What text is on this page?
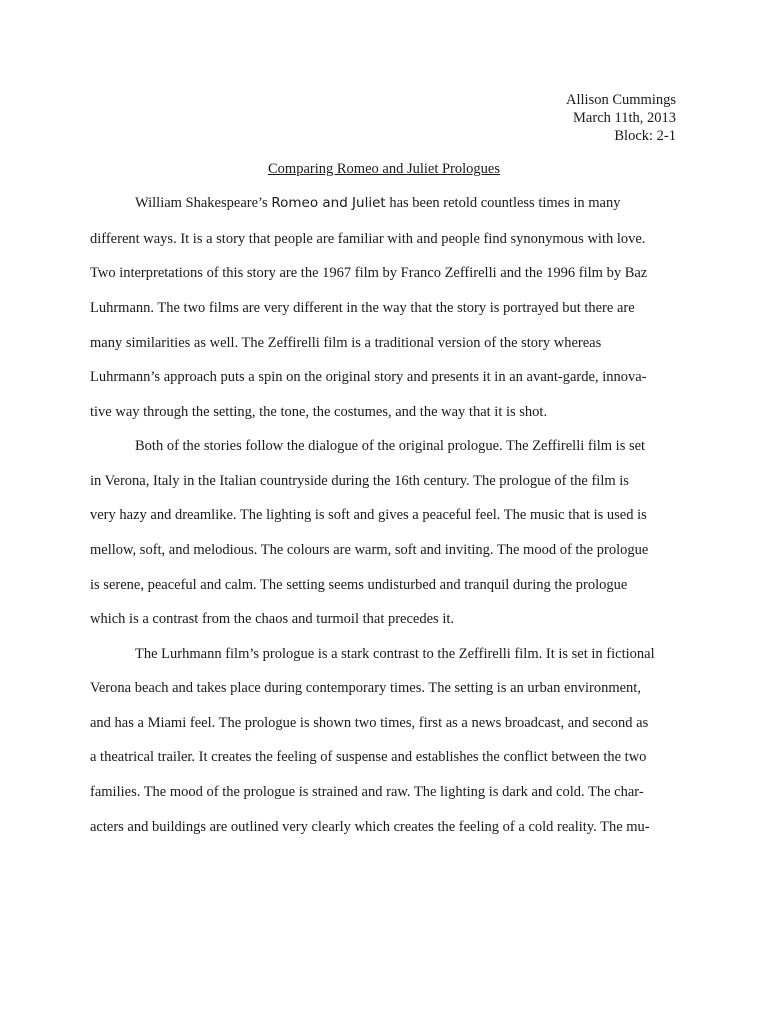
Allison Cummings
March 11th, 2013
Block: 2-1
Comparing Romeo and Juliet Prologues
William Shakespeare’s Romeo and Juliet has been retold countless times in many
different ways. It is a story that people are familiar with and people find synonymous with love.
Two interpretations of this story are the 1967 film by Franco Zeffirelli and the 1996 film by Baz
Luhrmann. The two films are very different in the way that the story is portrayed but there are
many similarities as well. The Zeffirelli film is a traditional version of the story whereas
Luhrmann’s approach puts a spin on the original story and presents it in an avant-garde, innova-
tive way through the setting, the tone, the costumes, and the way that it is shot.
Both of the stories follow the dialogue of the original prologue. The Zeffirelli film is set
in Verona, Italy in the Italian countryside during the 16th century. The prologue of the film is
very hazy and dreamlike. The lighting is soft and gives a peaceful feel. The music that is used is
mellow, soft, and melodious. The colours are warm, soft and inviting. The mood of the prologue
is serene, peaceful and calm. The setting seems undisturbed and tranquil during the prologue
which is a contrast from the chaos and turmoil that precedes it.
The Lurhmann film’s prologue is a stark contrast to the Zeffirelli film. It is set in fictional
Verona beach and takes place during contemporary times. The setting is an urban environment,
and has a Miami feel. The prologue is shown two times, first as a news broadcast, and second as
a theatrical trailer. It creates the feeling of suspense and establishes the conflict between the two
families. The mood of the prologue is strained and raw. The lighting is dark and cold. The char-
acters and buildings are outlined very clearly which creates the feeling of a cold reality. The mu-
